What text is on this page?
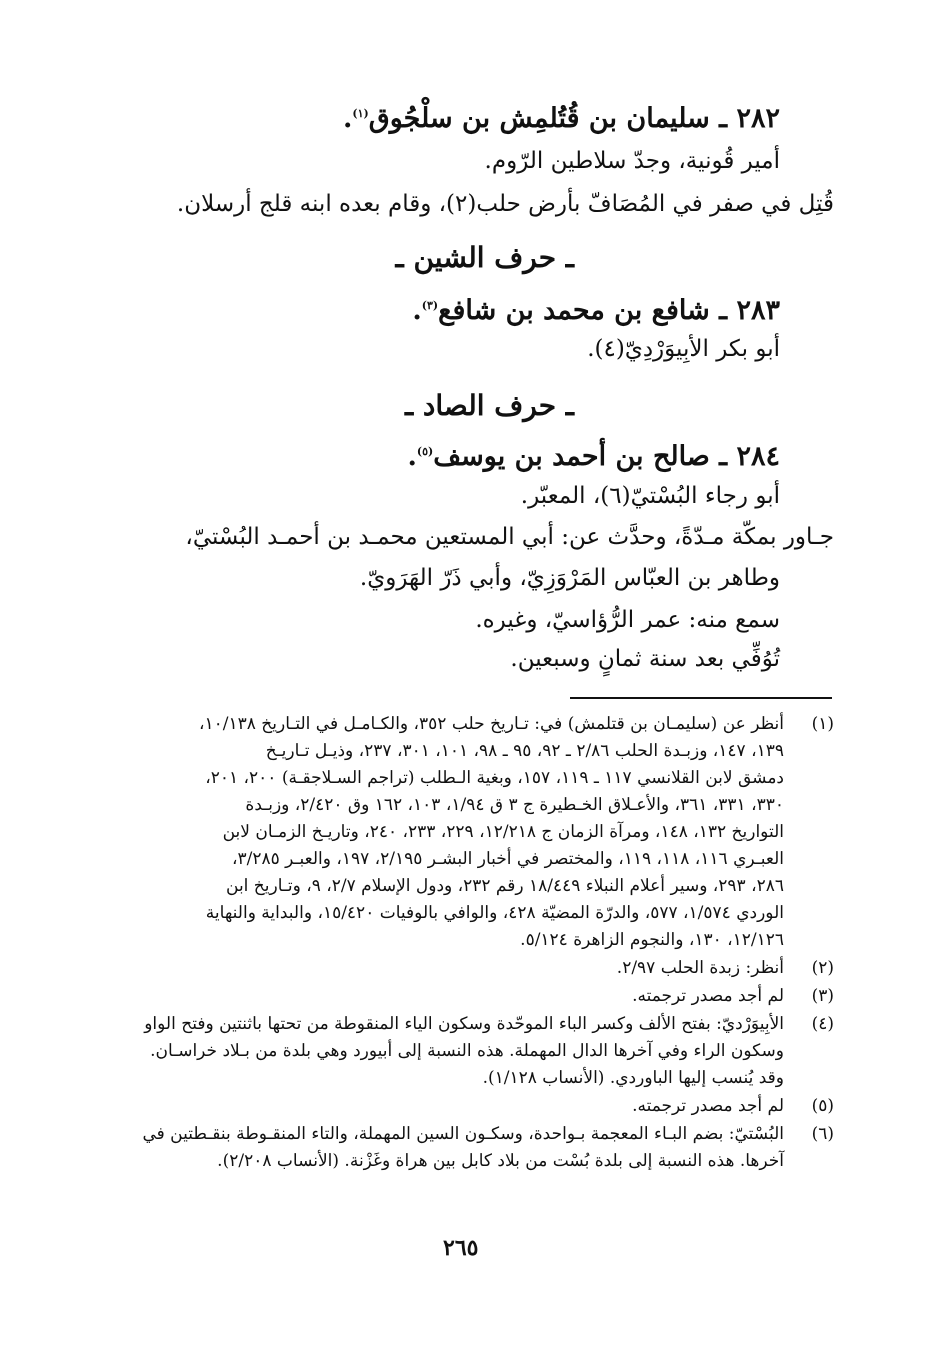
٢٨٢ ـ سليمان بن قُتُلمِش بن سلْجُوق$^{(١)}$.
أمير قُونية، وجدّ سلاطين الرّوم.
قُتِل في صفر في المُصَافّ بأرض حلب(٢)، وقام بعده ابنه قلج أرسلان.
ـ حرف الشين ـ
٢٨٣ ـ شافع بن محمد بن شافع$^{(٣)}$.
أبو بكر الأبِيوَرْدِيّ(٤).
ـ حرف الصاد ـ
٢٨٤ ـ صالح بن أحمد بن يوسف$^{(٥)}$.
أبو رجاء البُسْتيّ(٦)، المعبّر.
جـاور بمكّة مـدّةً، وحدَّث عن: أبي المستعين محمـد بن أحمـد البُسْتيّ،
وطاهر بن العبّاس المَرْوَزِيّ، وأبي ذَرّ الهَرَويّ.
سمع منه: عمر الرُّؤاسيّ، وغيره.
تُوُفِّي بعد سنة ثمانٍ وسبعين.
(١)
أنظر عن (سليمـان بن قتلمش) في: تـاريخ حلب ٣٥٢، والكـامـل في التـاريخ ١٠/١٣٨،
١٣٩، ١٤٧، وزبـدة الحلب ٢/٨٦ ـ ٩٢، ٩٥ ـ ٩٨، ١٠١، ٣٠١، ٢٣٧، وذيـل تـاريـخ
دمشق لابن القلانسي ١١٧ ـ ١١٩، ١٥٧، وبغية الـطلب (تراجم السـلاجقـة) ٢٠٠، ٢٠١،
٣٣٠، ٣٣١، ٣٦١، والأعـلاق الخـطيرة ج ٣ ق ١/٩٤، ١٠٣، ١٦٢ وق ٢/٤٢٠، وزبـدة
التواريخ ١٣٢، ١٤٨، ومرآة الزمان ج ١٢/٢١٨، ٢٢٩، ٢٣٣، ٢٤٠، وتاريـخ الزمـان لابن
العبـري ١١٦، ١١٨، ١١٩، والمختصر في أخبار البشـر ٢/١٩٥، ١٩٧، والعبـر ٣/٢٨٥،
٢٨٦، ٢٩٣، وسير أعلام النبلاء ١٨/٤٤٩ رقم ٢٣٢، ودول الإسلام ٢/٧، ٩، وتـاريخ ابن
الوردي ١/٥٧٤، ٥٧٧، والدرّة المضيّة ٤٢٨، والوافي بالوفيات ١٥/٤٢٠، والبداية والنهاية
١٢/١٢٦، ١٣٠، والنجوم الزاهرة ٥/١٢٤.
(٢)
أنظر: زبدة الحلب ٢/٩٧.
(٣)
لم أجد مصدر ترجمته.
(٤)
الأبِيوَرْديّ: بفتح الألف وكسر الباء الموحّدة وسكون الياء المنقوطة من تحتها باثنتين وفتح الواو
وسكون الراء وفي آخرها الدال المهملة. هذه النسبة إلى أبيورد وهي بلدة من بـلاد خراسـان.
وقد يُنسب إليها الباوردي. (الأنساب ١/١٢٨).
(٥)
لم أجد مصدر ترجمته.
(٦)
البُسْتيّ: بضم البـاء المعجمة بـواحدة، وسكـون السين المهملة، والتاء المنقـوطة بنقـطتين في
آخرها. هذه النسبة إلى بلدة بُسْت من بلاد كابل بين هراة وغَزْنة. (الأنساب ٢/٢٠٨).
٢٦٥
